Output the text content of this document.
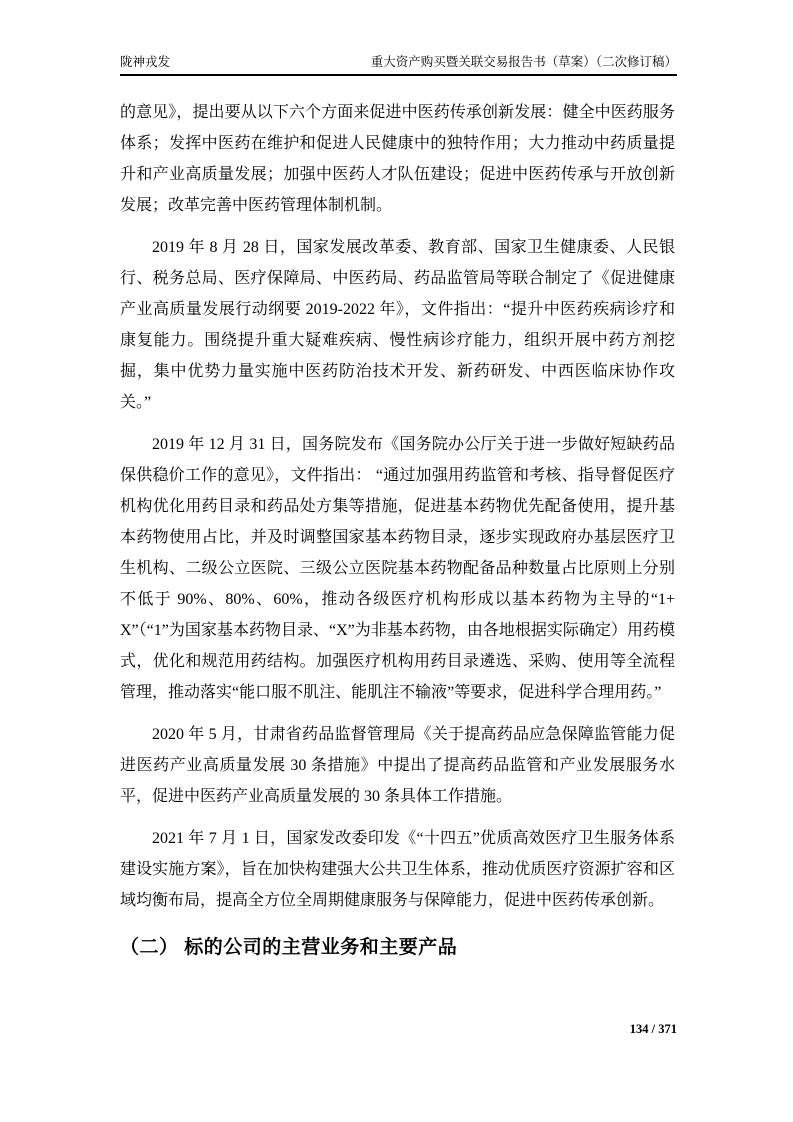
陇神戎发	重大资产购买暨关联交易报告书（草案）（二次修订稿）

的意见》，提出要从以下六个方面来促进中医药传承创新发展：健全中医药服务体系；发挥中医药在维护和促进人民健康中的独特作用；大力推动中药质量提升和产业高质量发展；加强中医药人才队伍建设；促进中医药传承与开放创新发展；改革完善中医药管理体制机制。

2019 年 8 月 28 日，国家发展改革委、教育部、国家卫生健康委、人民银行、税务总局、医疗保障局、中医药局、药品监管局等联合制定了《促进健康产业高质量发展行动纲要 2019-2022 年》，文件指出：“提升中医药疾病诊疗和康复能力。围绕提升重大疑难疾病、慢性病诊疗能力，组织开展中药方剂挖掘，集中优势力量实施中医药防治技术开发、新药研发、中西医临床协作攻关。”

2019 年 12 月 31 日，国务院发布《国务院办公厅关于进一步做好短缺药品保供稳价工作的意见》，文件指出： “通过加强用药监管和考核、指导督促医疗机构优化用药目录和药品处方集等措施，促进基本药物优先配备使用，提升基本药物使用占比，并及时调整国家基本药物目录，逐步实现政府办基层医疗卫生机构、二级公立医院、三级公立医院基本药物配备品种数量占比原则上分别不低于 90%、80%、60%，推动各级医疗机构形成以基本药物为主导的“1+X”（“1”为国家基本药物目录、“X”为非基本药物，由各地根据实际确定）用药模式，优化和规范用药结构。加强医疗机构用药目录遴选、采购、使用等全流程管理，推动落实“能口服不肌注、能肌注不输液”等要求，促进科学合理用药。”

2020 年 5 月，甘肃省药品监督管理局《关于提高药品应急保障监管能力促进医药产业高质量发展 30 条措施》中提出了提高药品监管和产业发展服务水平，促进中医药产业高质量发展的 30 条具体工作措施。

2021 年 7 月 1 日，国家发改委印发《“十四五”优质高效医疗卫生服务体系建设实施方案》，旨在加快构建强大公共卫生体系，推动优质医疗资源扩容和区域均衡布局，提高全方位全周期健康服务与保障能力，促进中医药传承创新。

（二） 标的公司的主营业务和主要产品
134 / 371
